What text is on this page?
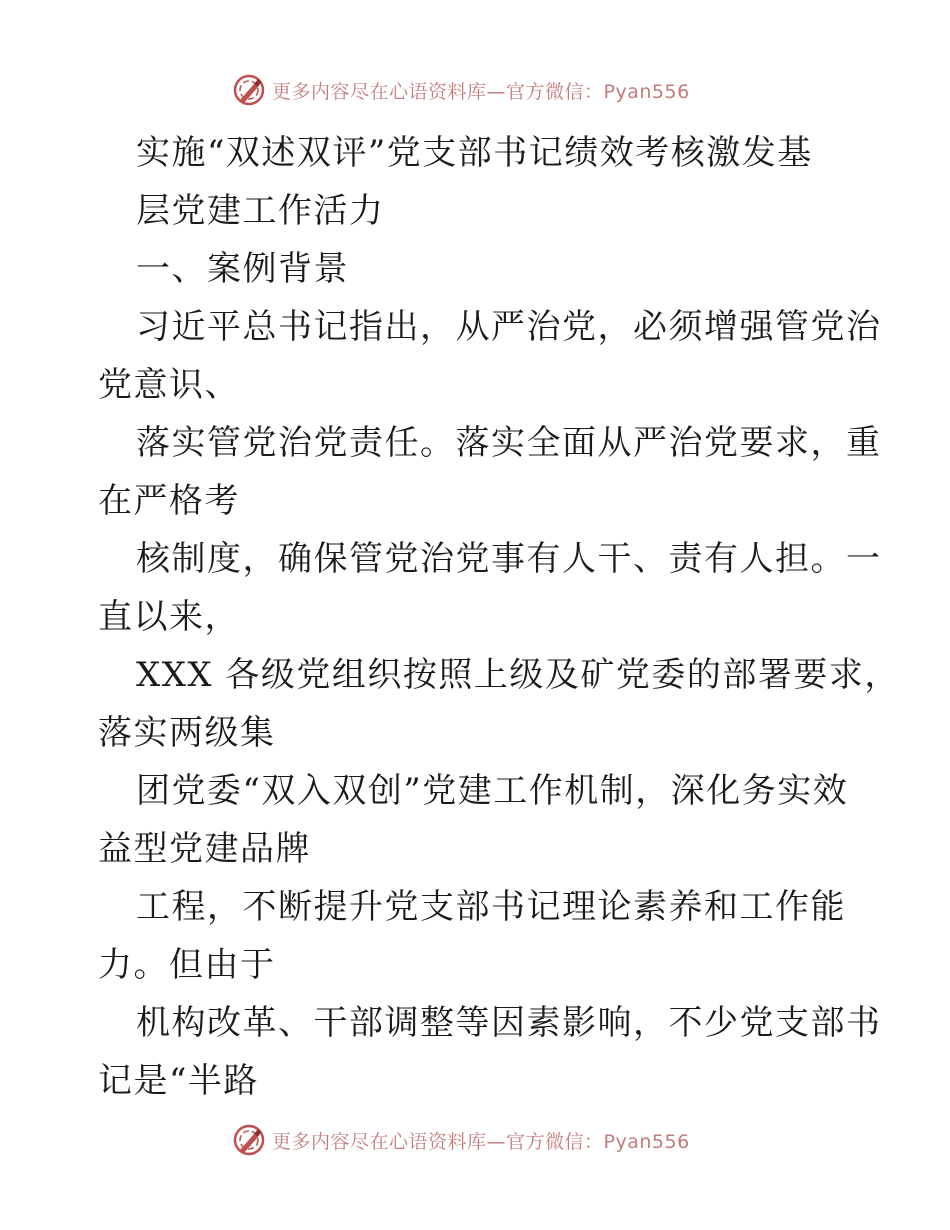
更多内容尽在心语资料库—官方微信：Pyan556
实施“双述双评”党支部书记绩效考核激发基
层党建工作活力
一、案例背景
习近平总书记指出，从严治党，必须增强管党治
党意识、
落实管党治党责任。落实全面从严治党要求，重
在严格考
核制度，确保管党治党事有人干、责有人担。一
直以来，
XXX 各级党组织按照上级及矿党委的部署要求，
落实两级集
团党委“双入双创”党建工作机制，深化务实效
益型党建品牌
工程，不断提升党支部书记理论素养和工作能
力。但由于
机构改革、干部调整等因素影响，不少党支部书
记是“半路
更多内容尽在心语资料库—官方微信：Pyan556
